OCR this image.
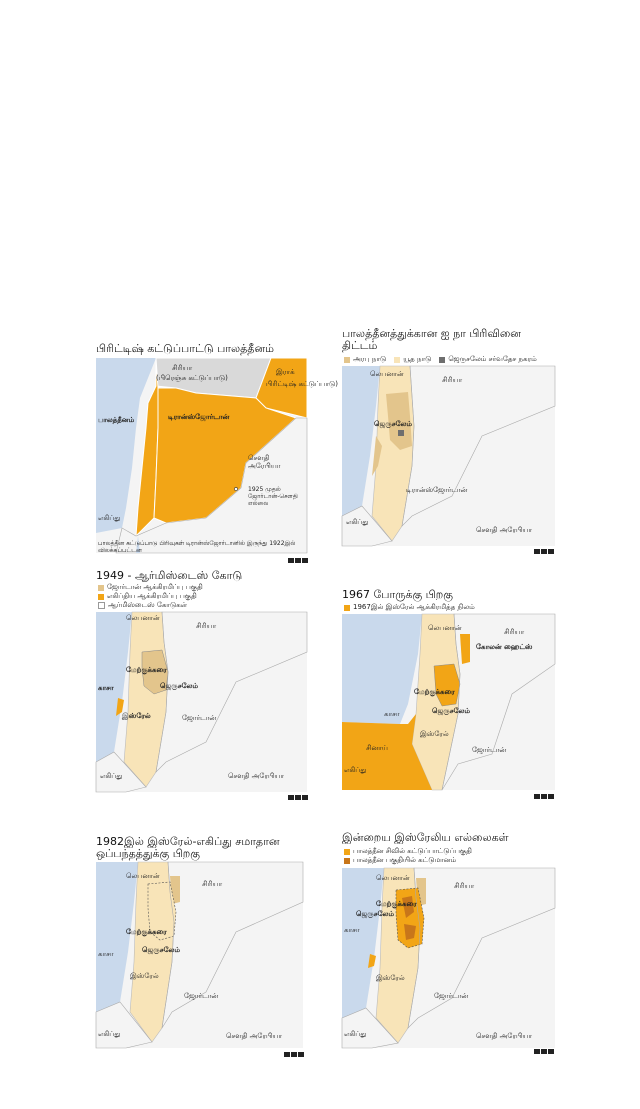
பிரிட்டிஷ் கட்டுப்பாட்டு பாலத்தீனம்
சிரியா
(பிரெஞ்சு கட்டுப்பாடு)
இராக்
பிரிட்டிஷ் கட்டுப்பாடு)
பாலத்தீனம்	டிரான்ஸ்ஜோர்டான்
சௌதி அரேபியா
எகிப்து
1925 முதல் ஜோர்டான்-சௌதி எல்லை
பாலத்தீன கட்டுப்பாடு பிரிவுகள் டிரான்ஸ்ஜோர்டானில் இருந்து 1922இல் விலக்கப்பட்டன
பாலத்தீனத்துக்கான ஐ நா பிரிவினை
திட்டம்
அரபு நாடு யூத நாடு ஜெருசலேம் சர்வதேச நகரம்
லெபனான்
சிரியா
ஜெருசலேம்
டிரான்ஸ்ஜோர்டான்
எகிப்து
சௌதி அரேபியா
1949 - ஆர்மிஸ்டைஸ் கோடு
ஜோர்டான் ஆக்கிரமிப்பு பகுதி
எகிப்திய ஆக்கிரமிப்பு பகுதி
ஆர்மிஸ்டைஸ் கோடுகள்
லெபனான்
சிரியா
மேற்குக்கரை
காசா	ஜெருசலேம்
இஸ்ரேல்	ஜோர்டான்
எகிப்து	சௌதி அரேபியா
1967 போருக்கு பிறகு
1967இல் இஸ்ரேல் ஆக்கிரமித்த நிலம்
லெபனான்	சிரியா
கோலன் ஹைட்ஸ்
மேற்குக்கரை
காசா	ஜெருசலேம்
இஸ்ரேல்
சினாய்	ஜோர்டான்
எகிப்து
1982இல் இஸ்ரேல்-எகிப்து சமாதான
ஒப்பந்தத்துக்கு பிறகு
லெபனான்
சிரியா
மேற்குக்கரை
ஜெருசலேம்
காசா
இஸ்ரேல்
ஜோர்டான்
எகிப்து	சௌதி அரேபியா
இன்றைய இஸ்ரேலிய எல்லைகள்
பாலத்தீன சிவில் கட்டுப்பாட்டுப்பகுதி
பாலத்தீன பகுதியில் கட்டுமானம்
லெபனான்
சிரியா
மேற்குக்கரை
ஜெருசலேம்
காசா
இஸ்ரேல்
ஜோர்டான்
எகிப்து	சௌதி அரேபியா
